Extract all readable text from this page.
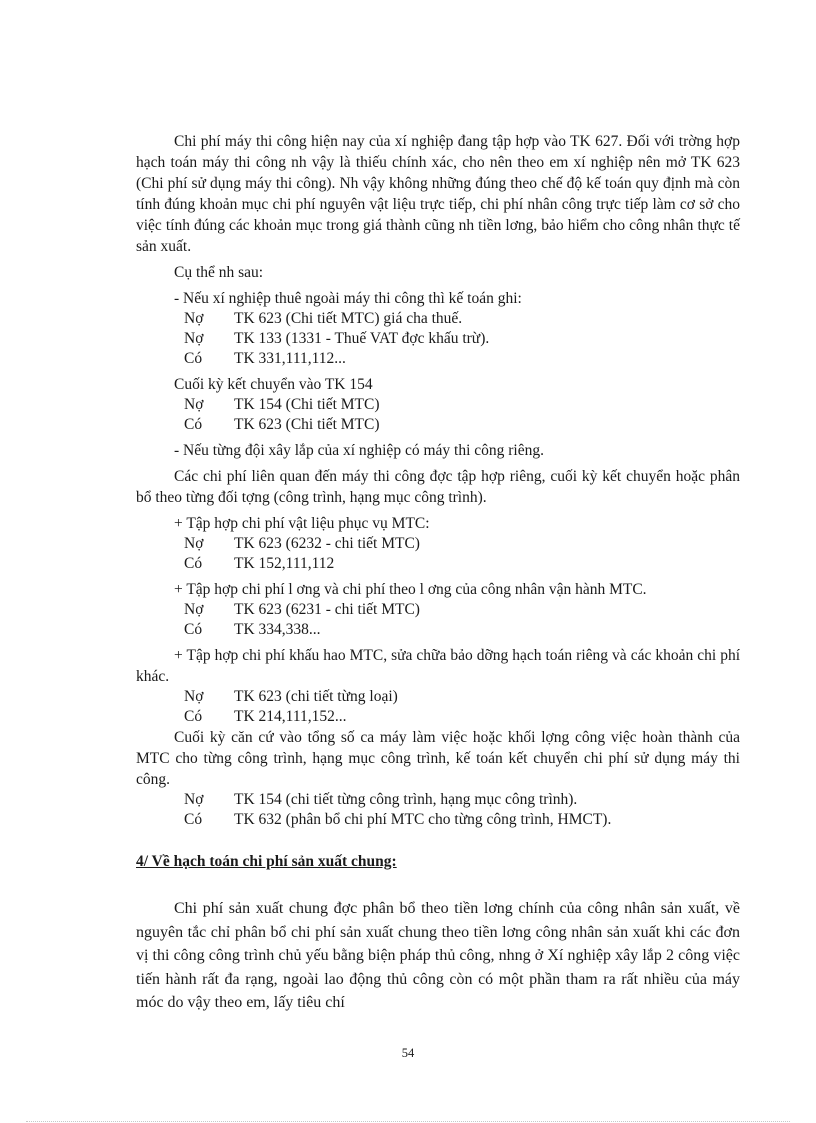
Chi phí máy thi công hiện nay của xí nghiệp đang tập hợp vào TK 627. Đối với trờng hợp hạch toán máy thi công nh vậy là thiếu chính xác, cho nên theo em xí nghiệp nên mở TK 623 (Chi phí sử dụng máy thi công). Nh vậy không những đúng theo chế độ kế toán quy định mà còn tính đúng khoản mục chi phí nguyên vật liệu trực tiếp, chi phí nhân công trực tiếp làm cơ sở cho việc tính đúng các khoản mục trong giá thành cũng nh tiền lơng, bảo hiểm cho công nhân thực tế sản xuất.

Cụ thể nh sau:

- Nếu xí nghiệp thuê ngoài máy thi công thì kế toán ghi:

Nợ	TK 623 (Chi tiết MTC) giá cha thuế.
Nợ	TK 133 (1331 - Thuế VAT đợc khấu trừ).
Có	TK 331,111,112...

Cuối kỳ kết chuyển vào TK 154

Nợ	TK 154 (Chi tiết MTC)
Có	TK 623 (Chi tiết MTC)

- Nếu từng đội xây lắp của xí nghiệp có máy thi công riêng.

Các chi phí liên quan đến máy thi công đợc tập hợp riêng, cuối kỳ kết chuyển hoặc phân bổ theo từng đối tợng (công trình, hạng mục công trình).

+ Tập hợp chi phí vật liệu phục vụ MTC:

Nợ	TK 623 (6232 - chi tiết MTC)
Có	TK 152,111,112

+ Tập hợp chi phí l ơng và chi phí theo l ơng của công nhân vận hành MTC.

Nợ	TK 623 (6231 - chi tiết MTC)
Có	TK 334,338...

+ Tập hợp chi phí khấu hao MTC, sửa chữa bảo dỡng hạch toán riêng và các khoản chi phí khác.

Nợ	TK 623 (chi tiết từng loại)
Có	TK 214,111,152...

Cuối kỳ căn cứ vào tổng số ca máy làm việc hoặc khối lợng công việc hoàn thành của MTC cho từng công trình, hạng mục công trình, kế toán kết chuyển chi phí sử dụng máy thi công.

Nợ	TK 154 (chi tiết từng công trình, hạng mục công trình).
Có	TK 632 (phân bổ chi phí MTC cho từng công trình, HMCT).

4/ Về hạch toán chi phí sản xuất chung:

Chi phí sản xuất chung đợc phân bổ theo tiền lơng chính của công nhân sản xuất, về nguyên tắc chỉ phân bổ chi phí sản xuất chung theo tiền lơng công nhân sản xuất khi các đơn vị thi công công trình chủ yếu bằng biện pháp thủ công, nhng ở Xí nghiệp xây lắp 2 công việc tiến hành rất đa rạng, ngoài lao động thủ công còn có một phần tham ra rất nhiều của máy móc do vậy theo em, lấy tiêu chí

54
